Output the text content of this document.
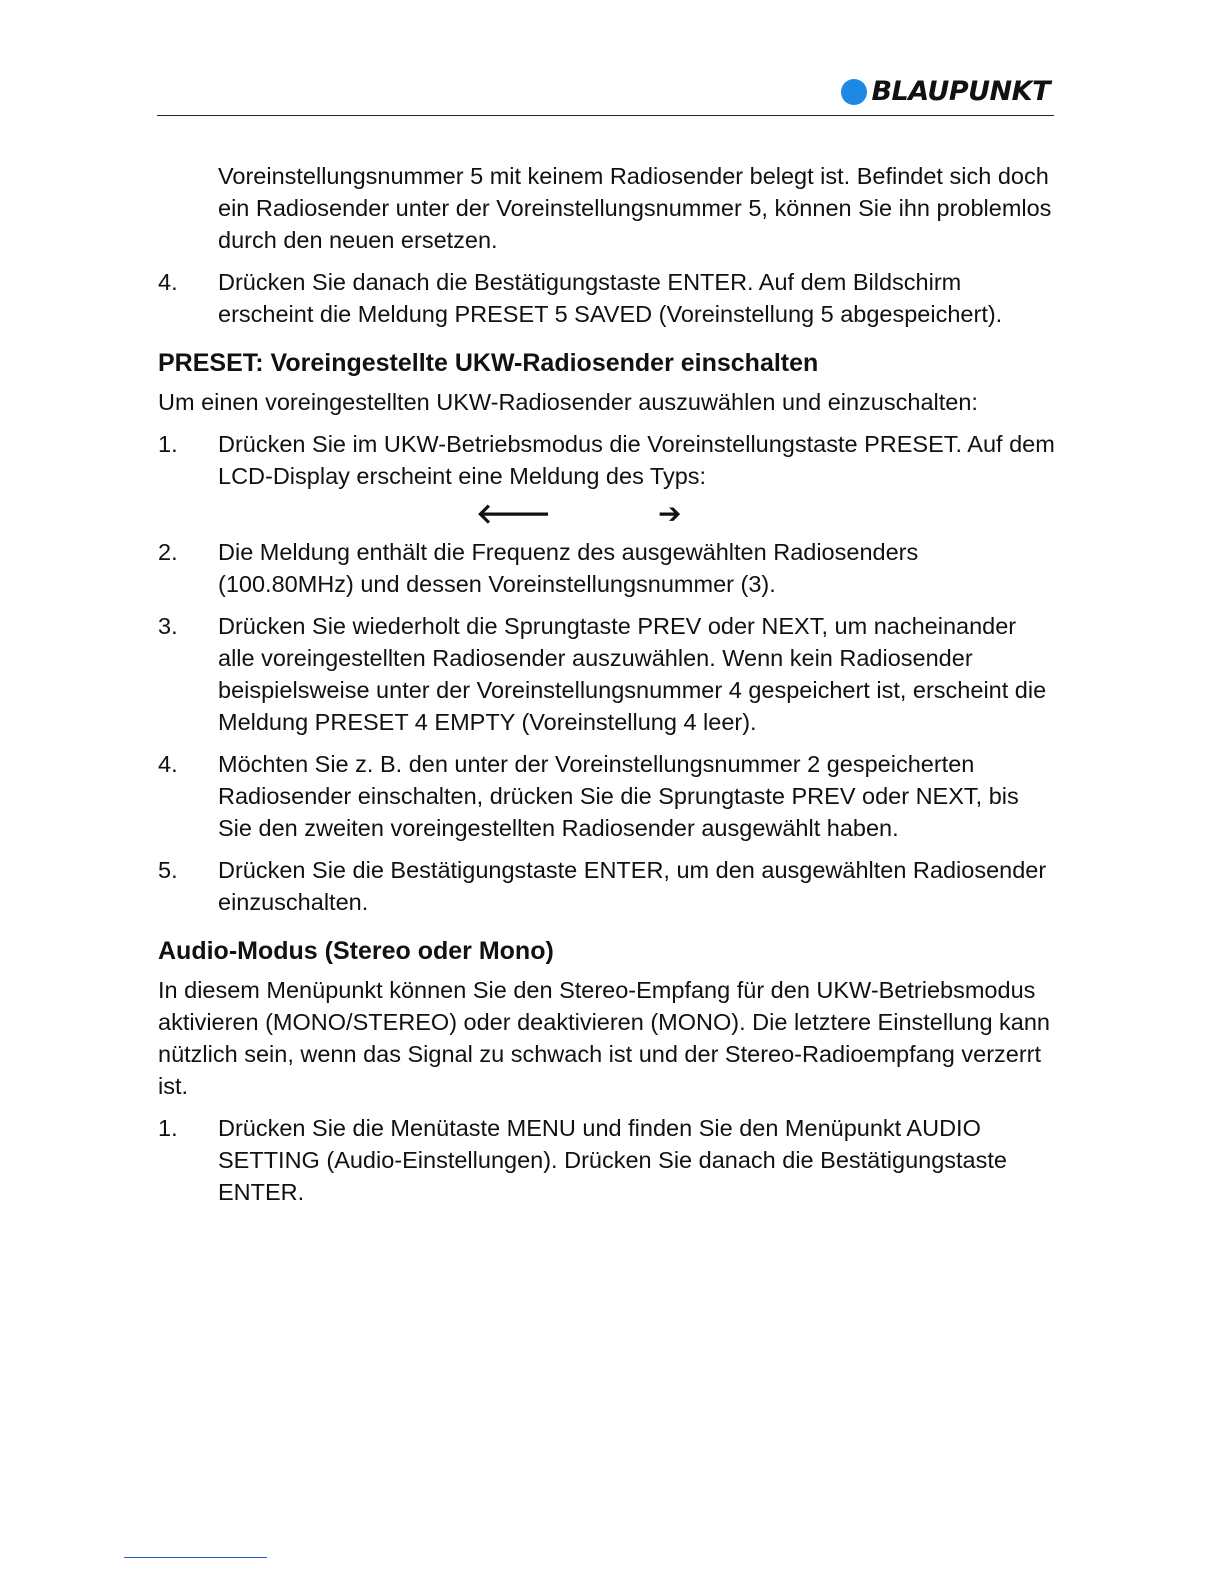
BLAUPUNKT

Voreinstellungsnummer 5 mit keinem Radiosender belegt ist. Befindet sich doch ein Radiosender unter der Voreinstellungsnummer 5, können Sie ihn problemlos durch den neuen ersetzen.

4.	Drücken Sie danach die Bestätigungstaste ENTER. Auf dem Bildschirm erscheint die Meldung PRESET 5 SAVED (Voreinstellung 5 abgespeichert).
PRESET: Voreingestellte UKW-Radiosender einschalten

Um einen voreingestellten UKW-Radiosender auszuwählen und einzuschalten:

1.	Drücken Sie im UKW-Betriebsmodus die Voreinstellungstaste PRESET. Auf dem LCD-Display erscheint eine Meldung des Typs:
🡐	➔
2.	Die Meldung enthält die Frequenz des ausgewählten Radiosenders (100.80MHz) und dessen Voreinstellungsnummer (3).
3.	Drücken Sie wiederholt die Sprungtaste PREV oder NEXT, um nacheinander alle voreingestellten Radiosender auszuwählen. Wenn kein Radiosender beispielsweise unter der Voreinstellungsnummer 4 gespeichert ist, erscheint die Meldung PRESET 4 EMPTY (Voreinstellung 4 leer).
4.	Möchten Sie z. B. den unter der Voreinstellungsnummer 2 gespeicherten Radiosender einschalten, drücken Sie die Sprungtaste PREV oder NEXT, bis Sie den zweiten voreingestellten Radiosender ausgewählt haben.
5.	Drücken Sie die Bestätigungstaste ENTER, um den ausgewählten Radiosender einzuschalten.
Audio-Modus (Stereo oder Mono)

In diesem Menüpunkt können Sie den Stereo-Empfang für den UKW-Betriebsmodus aktivieren (MONO/STEREO) oder deaktivieren (MONO). Die letztere Einstellung kann nützlich sein, wenn das Signal zu schwach ist und der Stereo-Radioempfang verzerrt ist.

1.	Drücken Sie die Menütaste MENU und finden Sie den Menüpunkt AUDIO SETTING (Audio-Einstellungen). Drücken Sie danach die Bestätigungstaste ENTER.
